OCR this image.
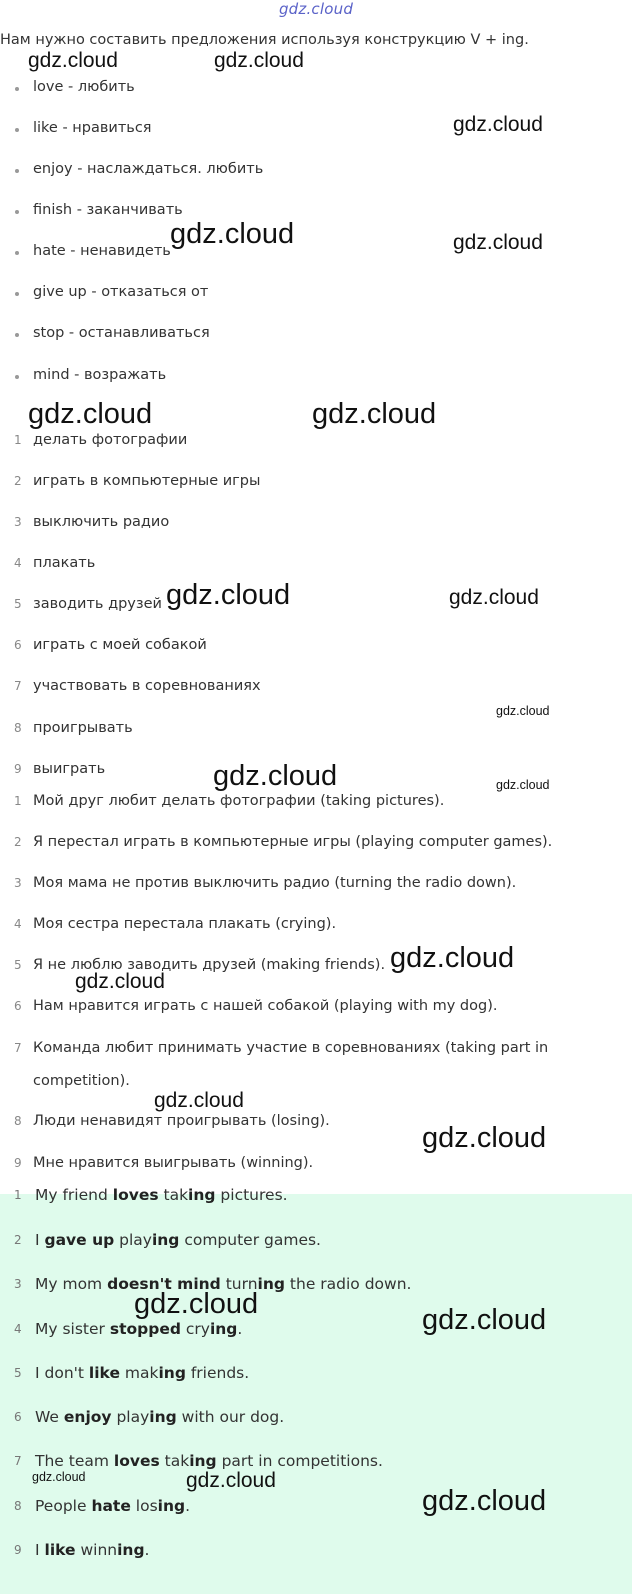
gdz.cloud
Нам нужно составить предложения используя конструкцию V + ing.
love - любить
like - нравиться
enjoy - наслаждаться. любить
finish - заканчивать
hate - ненавидеть
give up - отказаться от
stop - останавливаться
mind - возражать
1 делать фотографии
2 играть в компьютерные игры
3 выключить радио
4 плакать
5 заводить друзей
6 играть с моей собакой
7 участвовать в соревнованиях
8 проигрывать
9 выиграть
1 Мой друг любит делать фотографии (taking pictures).
2 Я перестал играть в компьютерные игры (playing computer games).
3 Моя мама не против выключить радио (turning the radio down).
4 Моя сестра перестала плакать (crying).
5 Я не люблю заводить друзей (making friends).
6 Нам нравится играть с нашей собакой (playing with my dog).
7 Команда любит принимать участие в соревнованиях (taking part in
competition).
8 Люди ненавидят проигрывать (losing).
9 Мне нравится выигрывать (winning).
1 My friend loves taking pictures.
2 I gave up playing computer games.
3 My mom doesn't mind turning the radio down.
4 My sister stopped crying.
5 I don't like making friends.
6 We enjoy playing with our dog.
7 The team loves taking part in competitions.
8 People hate losing.
9 I like winning.
gdz.cloud	gdz.cloud
gdz.cloud
gdz.cloud	gdz.cloud
gdz.cloud	gdz.cloud
gdz.cloud	gdz.cloud
gdz.cloud
gdz.cloud	gdz.cloud
gdz.cloud
gdz.cloud
gdz.cloud
gdz.cloud
gdz.cloud	gdz.cloud
gdz.cloud	gdz.cloud
gdz.cloud
